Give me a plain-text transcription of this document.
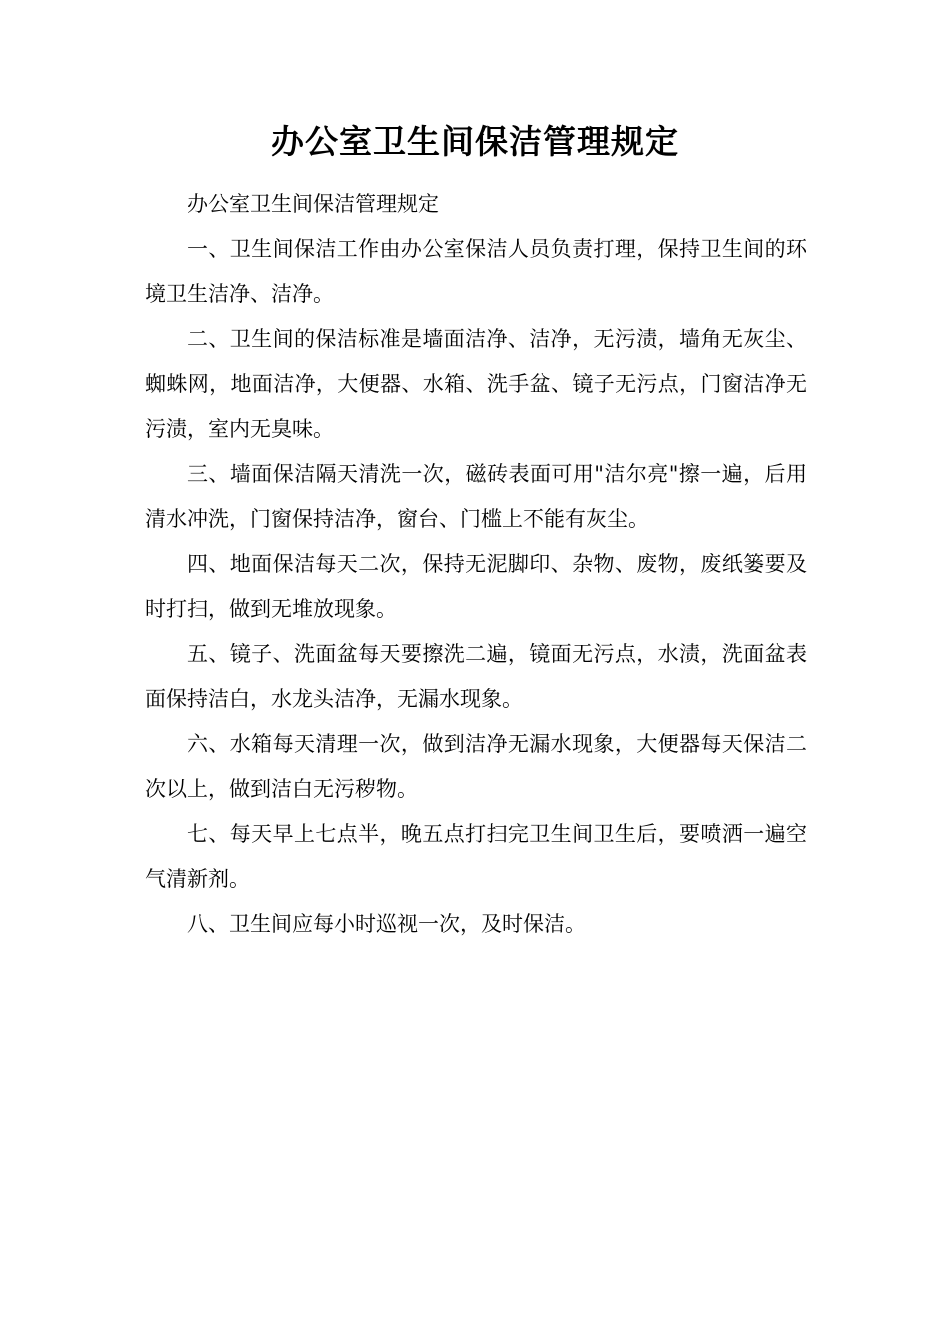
办公室卫生间保洁管理规定

办公室卫生间保洁管理规定

一、卫生间保洁工作由办公室保洁人员负责打理，保持卫生间的环境卫生洁净、洁净。

二、卫生间的保洁标准是墙面洁净、洁净，无污渍，墙角无灰尘、蜘蛛网，地面洁净，大便器、水箱、洗手盆、镜子无污点，门窗洁净无污渍，室内无臭味。

三、墙面保洁隔天清洗一次，磁砖表面可用"洁尔亮"擦一遍，后用清水冲洗，门窗保持洁净，窗台、门槛上不能有灰尘。

四、地面保洁每天二次，保持无泥脚印、杂物、废物，废纸篓要及时打扫，做到无堆放现象。

五、镜子、洗面盆每天要擦洗二遍，镜面无污点，水渍，洗面盆表面保持洁白，水龙头洁净，无漏水现象。

六、水箱每天清理一次，做到洁净无漏水现象，大便器每天保洁二次以上，做到洁白无污秽物。

七、每天早上七点半，晚五点打扫完卫生间卫生后，要喷洒一遍空气清新剂。

八、卫生间应每小时巡视一次，及时保洁。
